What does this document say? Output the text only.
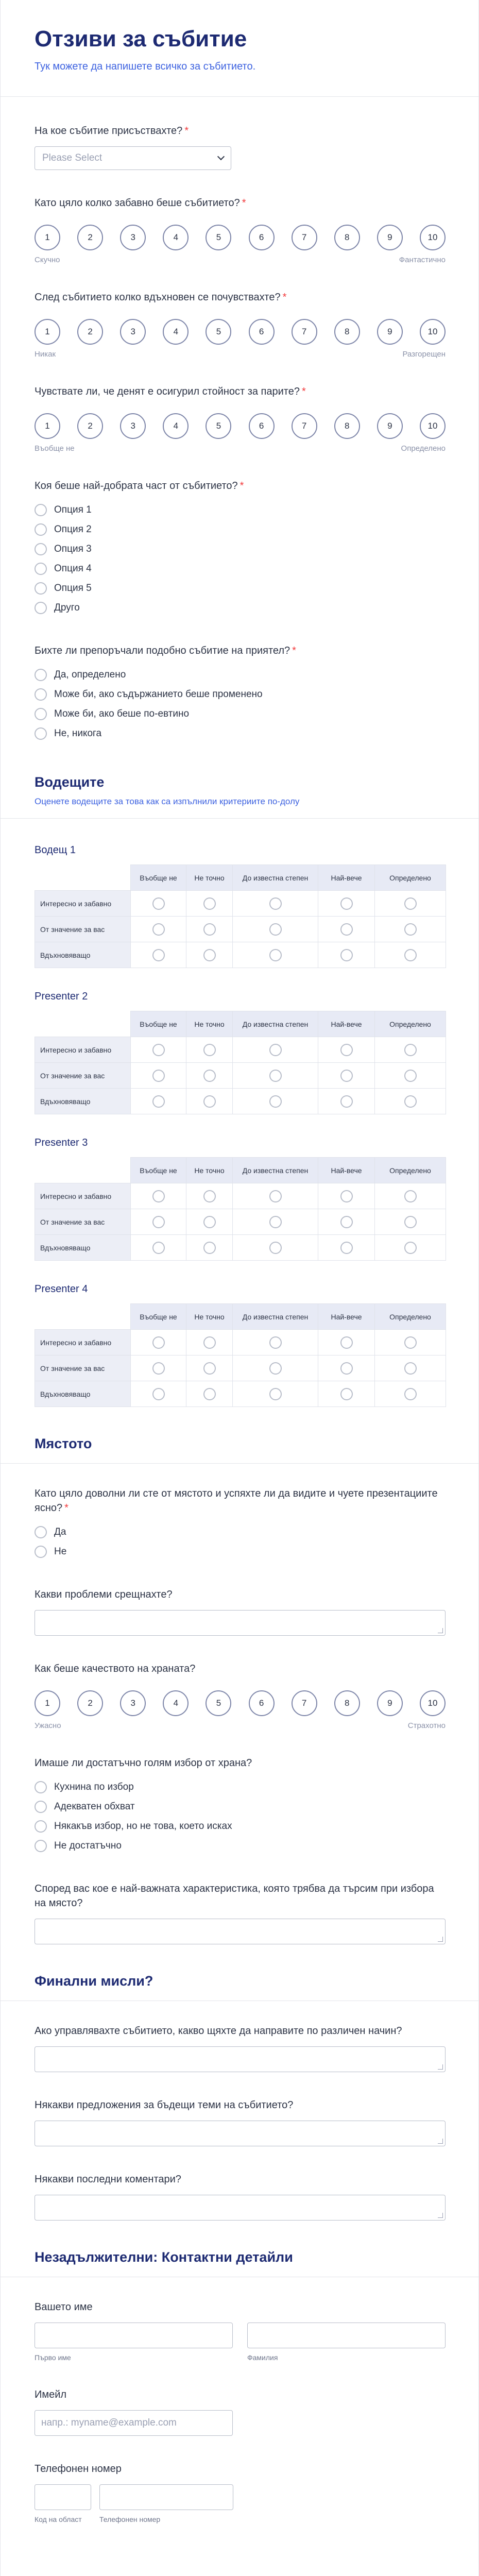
Отзиви за събитие
Тук можете да напишете всичко за събитието.
На кое събитие присъствахте? *
Please Select
Като цяло колко забавно беше събитието? *
1	2	3	4	5	6	7	8	9	10
Скучно	Фантастично
След събитието колко вдъхновен се почувствахте? *
1	2	3	4	5	6	7	8	9	10
Никак	Разгорещен
Чувствате ли, че денят е осигурил стойност за парите? *
1	2	3	4	5	6	7	8	9	10
Въобще не	Определено
Коя беше най-добрата част от събитието? *
Опция 1
Опция 2
Опция 3
Опция 4
Опция 5
Друго
Бихте ли препоръчали подобно събитие на приятел? *
Да, определено
Може би, ако съдържанието беше променено
Може би, ако беше по-евтино
Не, никога
Водещите
Оценете водещите за това как са изпълнили критериите по-долу
Водещ 1
	Въобще не	Не точно	До известна степен	Най-вече	Определено
Интересно и забавно					
От значение за вас					
Вдъхновяващо					
Presenter 2
	Въобще не	Не точно	До известна степен	Най-вече	Определено
Интересно и забавно					
От значение за вас					
Вдъхновяващо					
Presenter 3
	Въобще не	Не точно	До известна степен	Най-вече	Определено
Интересно и забавно					
От значение за вас					
Вдъхновяващо					
Presenter 4
	Въобще не	Не точно	До известна степен	Най-вече	Определено
Интересно и забавно					
От значение за вас					
Вдъхновяващо					
Мястото
Като цяло доволни ли сте от мястото и успяхте ли да видите и чуете презентациите ясно? *
Да
Не
Какви проблеми срещнахте?
Как беше качеството на храната?
1	2	3	4	5	6	7	8	9	10
Ужасно	Страхотно
Имаше ли достатъчно голям избор от храна?
Кухнина по избор
Адекватен обхват
Някакъв избор, но не това, което исках
Не достатъчно
Според вас кое е най-важната характеристика, която трябва да търсим при избора на място?
Финални мисли?
Ако управлявахте събитието, какво щяхте да направите по различен начин?
Някакви предложения за бъдещи теми на събитието?
Някакви последни коментари?
Незадължителни: Контактни детайли
Вашето име
Първо име	Фамилия
Имейл
напр.: myname@example.com
Телефонен номер
Код на област	Телефонен номер
